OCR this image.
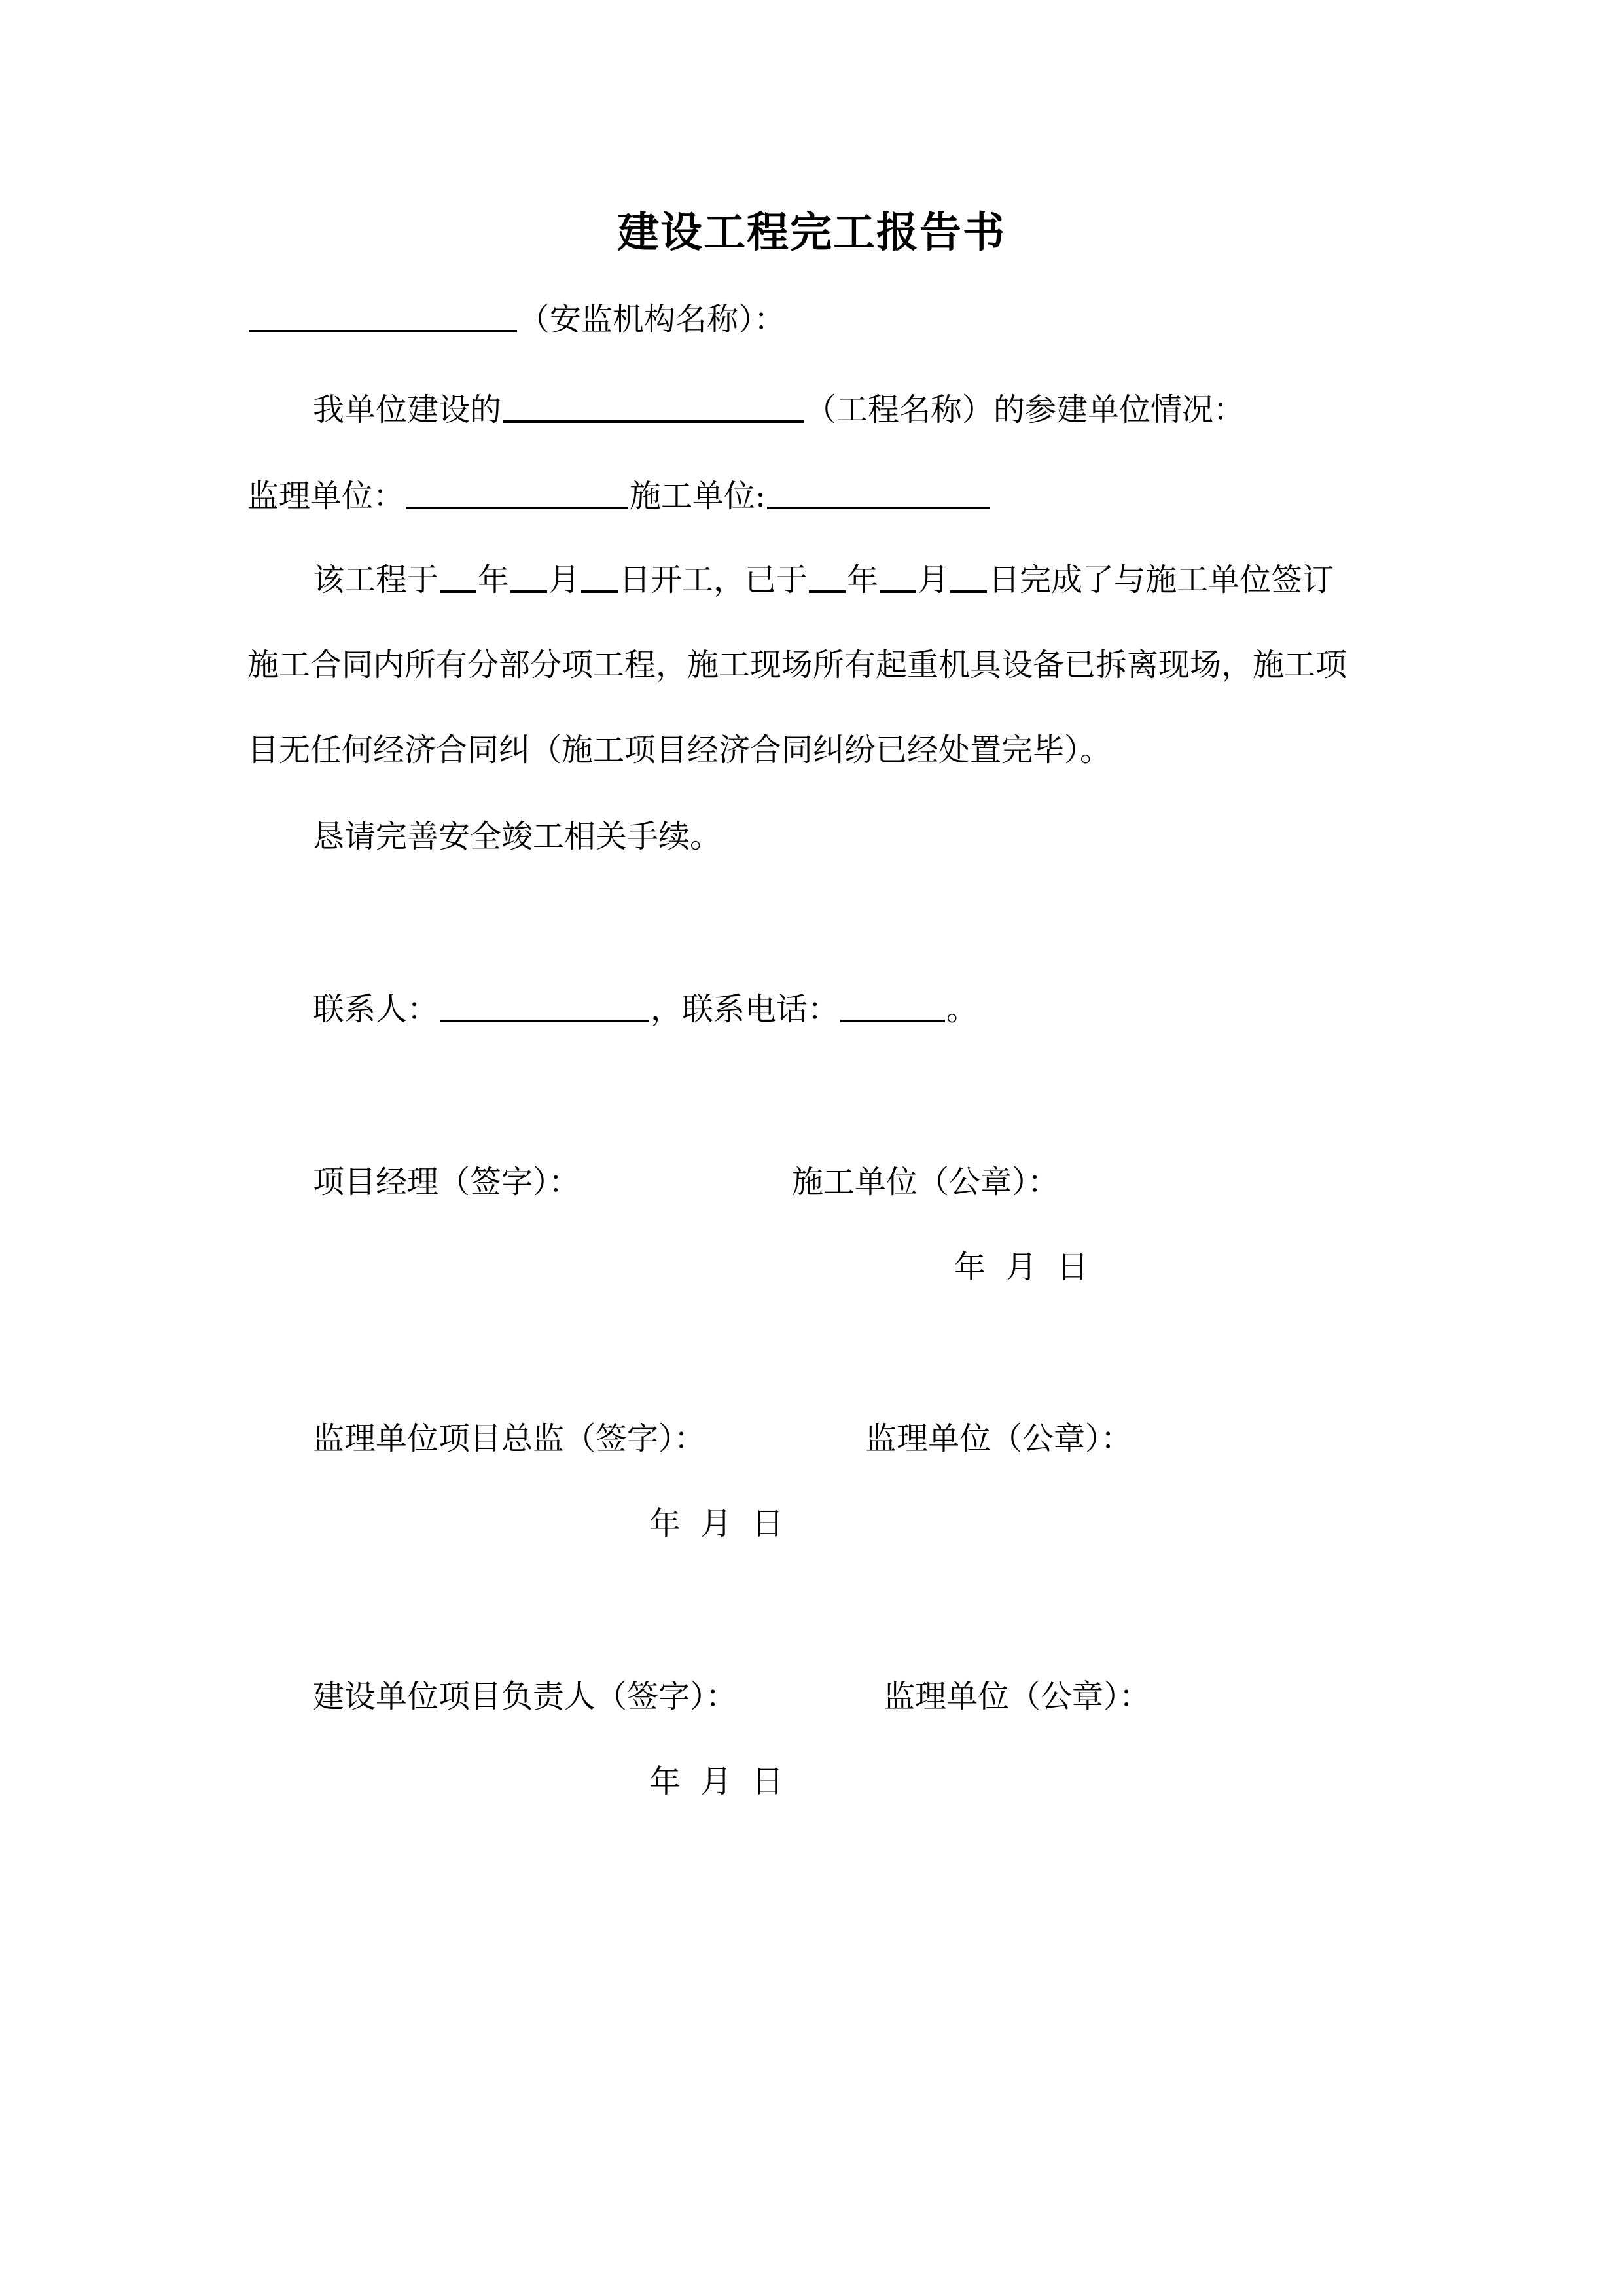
建设工程完工报告书
（安监机构名称）：
我单位建设的	（工程名称）的参建单位情况：
监理单位：	施工单位:
该工程于 年 月 日开工，已于 年 月 日完成了与施工单位签订
施工合同内所有分部分项工程，施工现场所有起重机具设备已拆离现场，施工项
目无任何经济合同纠（施工项目经济合同纠纷已经处置完毕）。
恳请完善安全竣工相关手续。
联系人：	，联系电话：	。
项目经理（签字）：	施工单位（公章）：
年  月  日
监理单位项目总监（签字）：	监理单位（公章）：
年  月  日
建设单位项目负责人（签字）：	监理单位（公章）：
年  月  日
